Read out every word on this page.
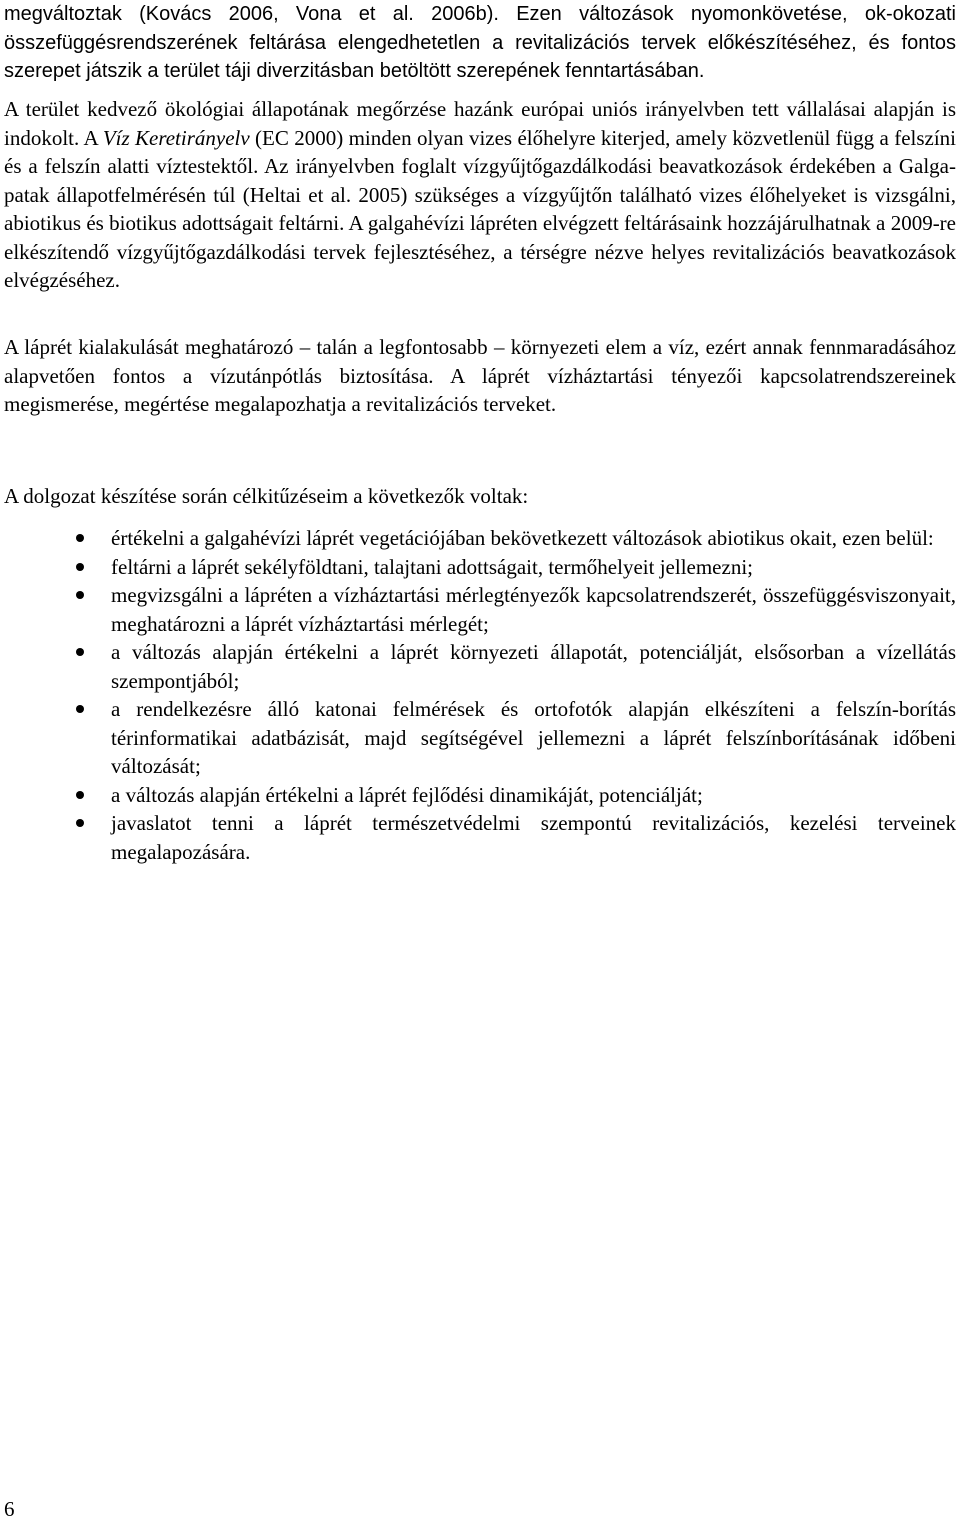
megváltoztak (Kovács 2006, Vona et al. 2006b). Ezen változások nyomonkövetése, ok-okozati összefüggésrendszerének feltárása elengedhetetlen a revitalizációs tervek előkészítéséhez, és fontos szerepet játszik a terület táji diverzitásban betöltött szerepének fenntartásában.

A terület kedvező ökológiai állapotának megőrzése hazánk európai uniós irányelvben tett vállalásai alapján is indokolt. A Víz Keretirányelv (EC 2000) minden olyan vizes élőhelyre kiterjed, amely közvetlenül függ a felszíni és a felszín alatti víztestektől. Az irányelvben foglalt vízgyűjtőgazdálkodási beavatkozások érdekében a Galga-patak állapotfelmérésén túl (Heltai et al. 2005) szükséges a vízgyűjtőn található vizes élőhelyeket is vizsgálni, abiotikus és biotikus adottságait feltárni. A galgahévízi lápréten elvégzett feltárásaink hozzájárulhatnak a 2009-re elkészítendő vízgyűjtőgazdálkodási tervek fejlesztéséhez, a térségre nézve helyes revitalizációs beavatkozások elvégzéséhez.

A láprét kialakulását meghatározó – talán a legfontosabb – környezeti elem a víz, ezért annak fennmaradásához alapvetően fontos a vízutánpótlás biztosítása. A láprét vízháztartási tényezői kapcsolatrendszereinek megismerése, megértése megalapozhatja a revitalizációs terveket.

A dolgozat készítése során célkitűzéseim a következők voltak:

értékelni a galgahévízi láprét vegetációjában bekövetkezett változások abiotikus okait, ezen belül:
feltárni a láprét sekélyföldtani, talajtani adottságait, termőhelyeit jellemezni;
megvizsgálni a lápréten a vízháztartási mérlegtényezők kapcsolatrendszerét, összefüggésviszonyait, meghatározni a láprét vízháztartási mérlegét;
a változás alapján értékelni a láprét környezeti állapotát, potenciálját, elsősorban a vízellátás szempontjából;
a rendelkezésre álló katonai felmérések és ortofotók alapján elkészíteni a felszín-borítás térinformatikai adatbázisát, majd segítségével jellemezni a láprét felszínborításának időbeni változását;
a változás alapján értékelni a láprét fejlődési dinamikáját, potenciálját;
javaslatot tenni a láprét természetvédelmi szempontú revitalizációs, kezelési terveinek megalapozására.
6
